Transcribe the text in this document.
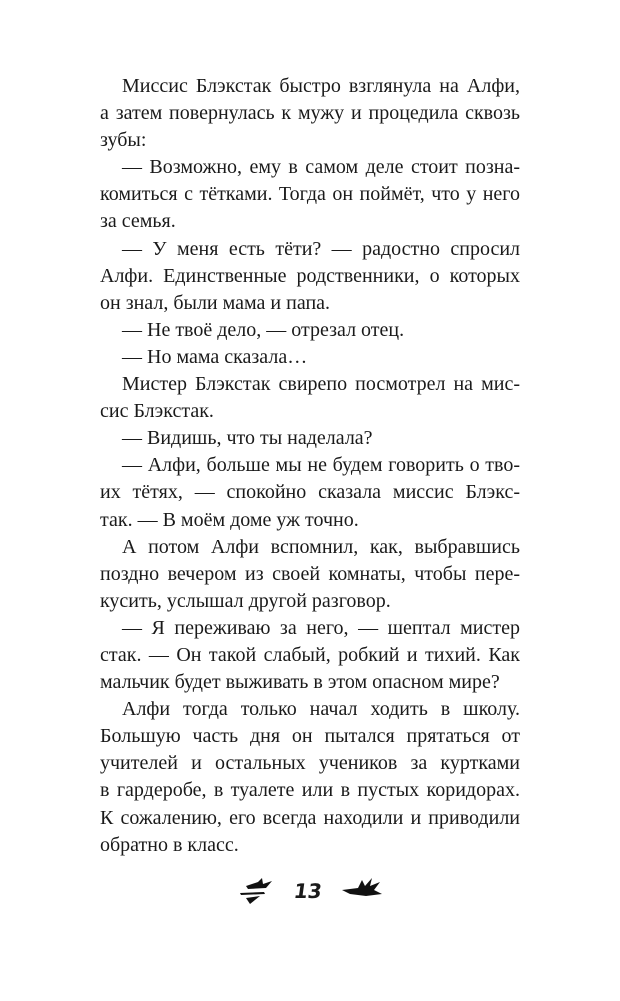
Миссис Блэкстак быстро взглянула на Алфи,
а затем повернулась к мужу и процедила сквозь
зубы:
— Возможно, ему в самом деле стоит позна-
комиться с тётками. Тогда он поймёт, что у него
за семья.
— У меня есть тёти? — радостно спросил
Алфи. Единственные родственники, о которых
он знал, были мама и папа.
— Не твоё дело, — отрезал отец.
— Но мама сказала…
Мистер Блэкстак свирепо посмотрел на мис-
сис Блэкстак.
— Видишь, что ты наделала?
— Алфи, больше мы не будем говорить о тво-
их тётях, — спокойно сказала миссис Блэкс-
так. — В моём доме уж точно.
А потом Алфи вспомнил, как, выбравшись
поздно вечером из своей комнаты, чтобы пере-
кусить, услышал другой разговор.
— Я переживаю за него, — шептал мистер
стак. — Он такой слабый, робкий и тихий. Как
мальчик будет выживать в этом опасном мире?
Алфи тогда только начал ходить в школу.
Большую часть дня он пытался прятаться от
учителей и остальных учеников за куртками
в гардеробе, в туалете или в пустых коридорах.
К сожалению, его всегда находили и приводили
обратно в класс.
13
